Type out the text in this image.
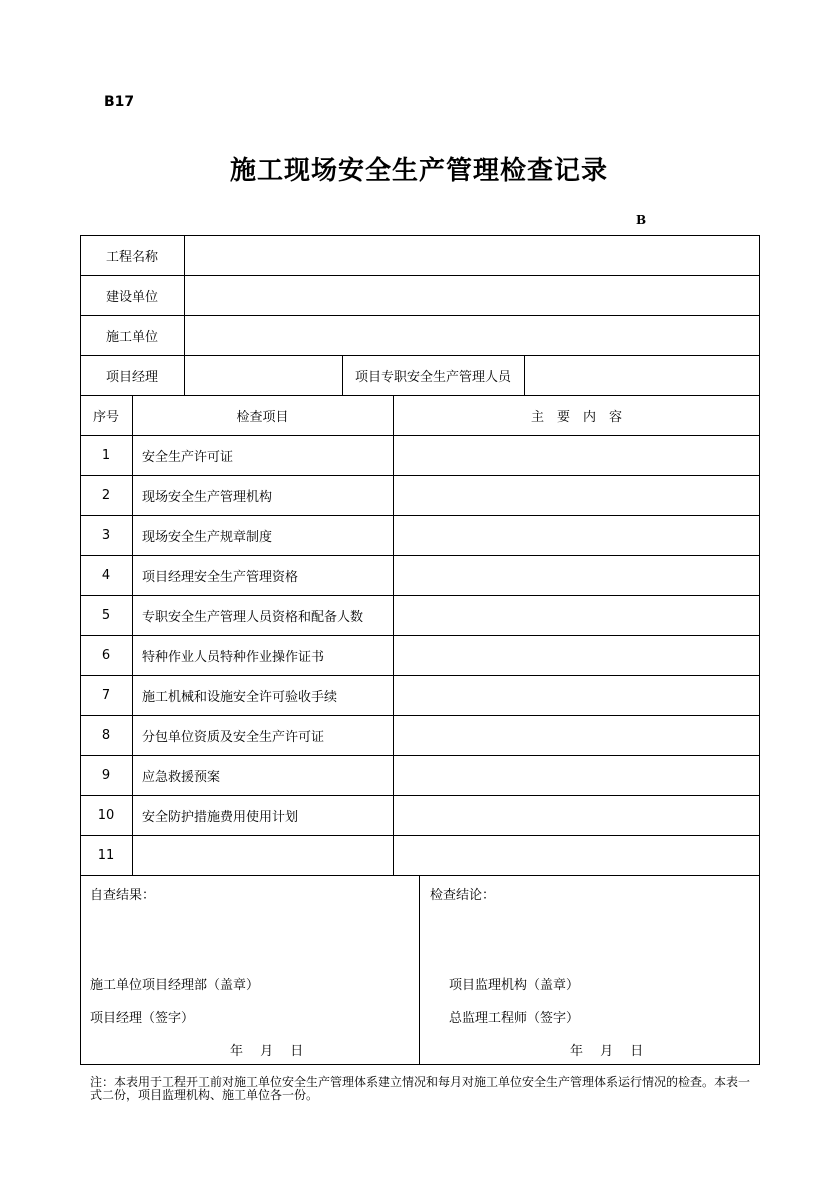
B17
施工现场安全生产管理检查记录
B
工程名称
建设单位
施工单位
项目经理	项目专职安全生产管理人员
序号	检查项目	主　要　内　容
1	安全生产许可证
2	现场安全生产管理机构
3	现场安全生产规章制度
4	项目经理安全生产管理资格
5	专职安全生产管理人员资格和配备人数
6	特种作业人员特种作业操作证书
7	施工机械和设施安全许可验收手续
8	分包单位资质及安全生产许可证
9	应急救援预案
10	安全防护措施费用使用计划
11
自查结果：
施工单位项目经理部（盖章）
项目经理（签字）
年　 月　 日
检查结论：
项目监理机构（盖章）
总监理工程师（签字）
年　 月　 日
注：本表用于工程开工前对施工单位安全生产管理体系建立情况和每月对施工单位安全生产管理体系运行情况的检查。本表一式二份，项目监理机构、施工单位各一份。
